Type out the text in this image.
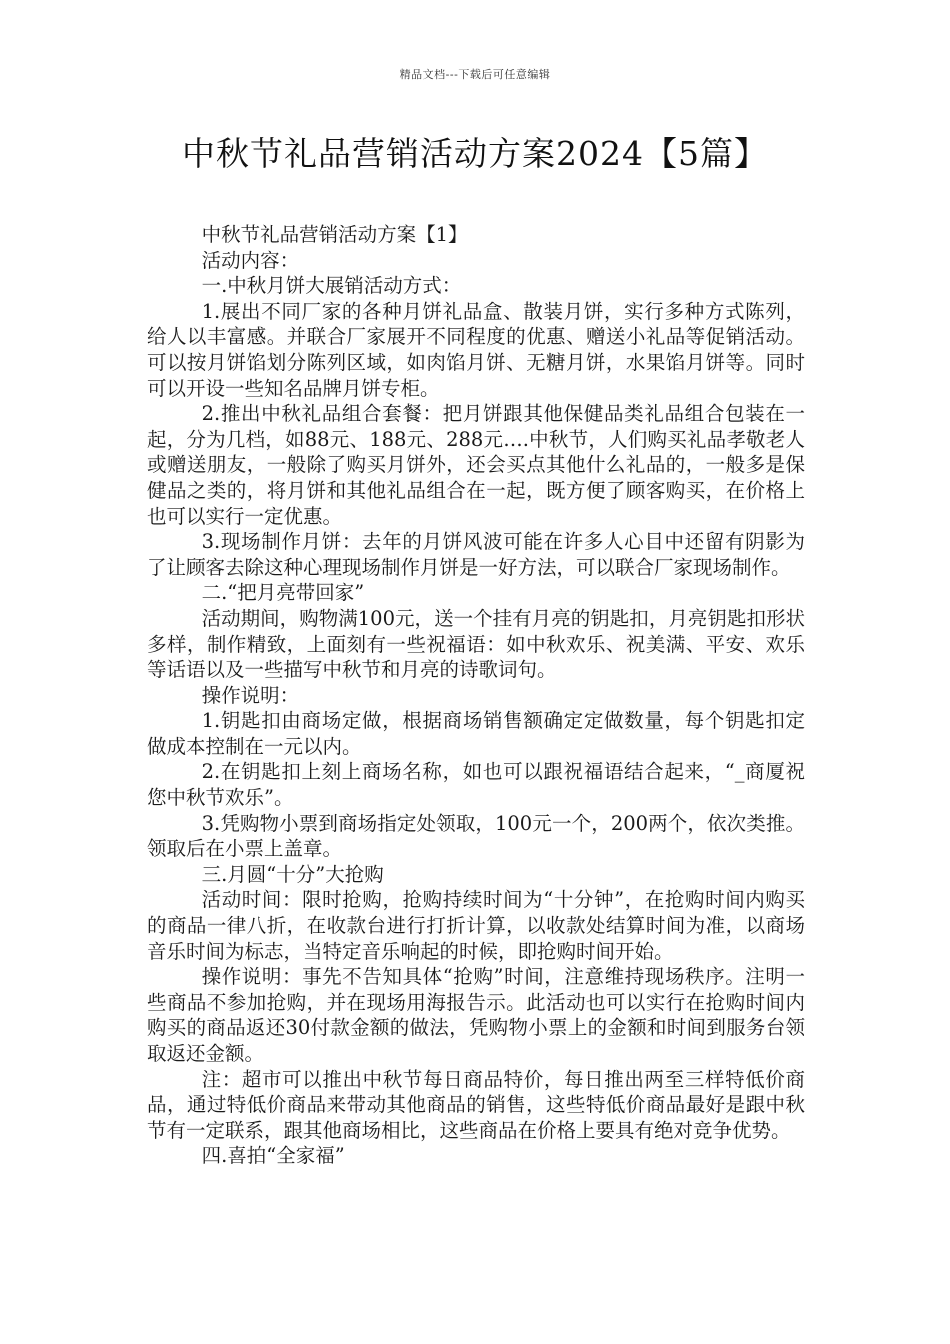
精品文档---下载后可任意编辑
中秋节礼品营销活动方案2024【5篇】

中秋节礼品营销活动方案【1】

活动内容：

一.中秋月饼大展销活动方式：

1.展出不同厂家的各种月饼礼品盒、散装月饼，实行多种方式陈列，给人以丰富感。并联合厂家展开不同程度的优惠、赠送小礼品等促销活动。可以按月饼馅划分陈列区域，如肉馅月饼、无糖月饼，水果馅月饼等。同时可以开设一些知名品牌月饼专柜。

2.推出中秋礼品组合套餐：把月饼跟其他保健品类礼品组合包装在一起，分为几档，如88元、188元、288元….中秋节，人们购买礼品孝敬老人或赠送朋友，一般除了购买月饼外，还会买点其他什么礼品的，一般多是保健品之类的，将月饼和其他礼品组合在一起，既方便了顾客购买，在价格上也可以实行一定优惠。

3.现场制作月饼：去年的月饼风波可能在许多人心目中还留有阴影为了让顾客去除这种心理现场制作月饼是一好方法，可以联合厂家现场制作。

二.“把月亮带回家”

活动期间，购物满100元，送一个挂有月亮的钥匙扣，月亮钥匙扣形状多样，制作精致，上面刻有一些祝福语：如中秋欢乐、祝美满、平安、欢乐等话语以及一些描写中秋节和月亮的诗歌词句。

操作说明：

1.钥匙扣由商场定做，根据商场销售额确定定做数量，每个钥匙扣定做成本控制在一元以内。

2.在钥匙扣上刻上商场名称，如也可以跟祝福语结合起来，“_商厦祝您中秋节欢乐”。

3.凭购物小票到商场指定处领取，100元一个，200两个，依次类推。领取后在小票上盖章。

三.月圆“十分”大抢购

活动时间：限时抢购，抢购持续时间为“十分钟”，在抢购时间内购买的商品一律八折，在收款台进行打折计算，以收款处结算时间为准，以商场音乐时间为标志，当特定音乐响起的时候，即抢购时间开始。

操作说明：事先不告知具体“抢购”时间，注意维持现场秩序。注明一些商品不参加抢购，并在现场用海报告示。此活动也可以实行在抢购时间内购买的商品返还30付款金额的做法，凭购物小票上的金额和时间到服务台领取返还金额。

注：超市可以推出中秋节每日商品特价，每日推出两至三样特低价商品，通过特低价商品来带动其他商品的销售，这些特低价商品最好是跟中秋节有一定联系，跟其他商场相比，这些商品在价格上要具有绝对竞争优势。

四.喜拍“全家福”
